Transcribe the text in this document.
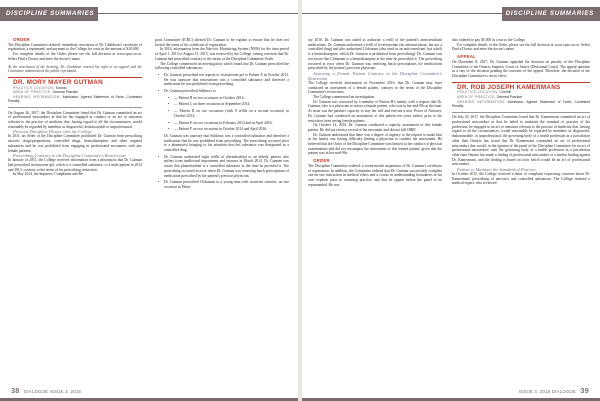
DISCIPLINE SUMMARIES

ORDER

The Discipline Committee ordered: immediate revocation of Dr. Ghabbour's certificate of registration, a reprimand; and payment to the College for costs in the amount of $10,000.

For complete details of the Order, please see the full decision at www.cpso.on.ca. Select Find a Doctor and enter the doctor's name.

At the conclusion of the hearing, Dr. Ghabbour waived his right to an appeal and the Committee administered the public reprimand.

DR. MORY MAYER GUTMAN

PRACTICE LOCATION: Toronto

AREA OF PRACTICE: General Practice

HEARING INFORMATION: Admission, Agreed Statement of Facts, Contested Penalty

On August 26, 2017, the Discipline Committee found that Dr. Gutman committed an act of professional misconduct in that he has engaged in conduct or an act or omission relevant to the practice of medicine that, having regard to all the circumstances, would reasonably be regarded by members as disgraceful, dishonourable or unprofessional.

Previous Discipline History with the College

In 2011, an Order of the Discipline Committee prohibited Dr. Gutman from prescribing narcotic drugs/preparations, controlled drugs, benzodiazepines and other targeted substances and he was prohibited from engaging in professional encounters with any female patients.

Prescribing Contrary to the Discipline Committee's Restrictions

In January of 2015, the College received information from a pharmacist that Dr. Gutman had prescribed testosterone gel, which is a controlled substance, to a male patient in 2012 and 2013, contrary to the terms of his prescribing restriction.

In May 2014, the Inquiries, Complaints and Re-

ports Committee (ICRC) advised Dr. Gutman to be vigilant to ensure that he does not breach the terms of his certificate of registration.

In 2016, information from the Narcotic Monitoring System (NMS) for the time period of April 1, 2015 to August 15, 2015, was received by the College, raising concerns that Dr. Gutman had prescribed contrary to the terms of the Discipline Committee Order.

The College commenced an investigation, which found that Dr. Gutman prescribed the following controlled substances:

• Dr. Gutman prescribed ten repeats of testosterone gel to Patient A in October 2012. He was unaware that testosterone was a controlled substance and therefore a medication he was prohibited from prescribing.
• Dr. Gutman prescribed Sublinox to
• — Patient B on two occasions in October 2014;
• — Patient C on three occasions in September 2014;
• — Patient D on two occasions (with 8 refills on a second occasion) in October 2014;
• — Patient E on two occasions in February 2014 and in April 2016;
• — Patient F on two occasions in October 2014 and April 2016.
Dr. Gutman was unaware that Sublinox was a controlled substance and therefore a medication that he was prohibited from prescribing. The prescribing occurred prior to a pharmacist bringing to his attention that this substance was designated as a controlled drug.
• Dr. Gutman authorized eight refills of phenobarbital to an elderly patient who suffers from intellectual impairment and seizures in March 2014. Dr. Gutman was aware that phenobarbital is a controlled substance at the time he provided it. The prescribing occurred in error when Dr. Gutman was renewing batch prescriptions of medication prescribed by the patient's previous physician.
• Dr. Gutman prescribed Clobazam to a young man with recurrent seizures, on one occasion in Febru-
38 DIALOGUE ISSUE 3, 2016
DISCIPLINE SUMMARIES

ary 2016. Dr. Gutman was asked to authorize a refill of the patient's anticonvulsant medications. Dr. Gutman authorized a refill of levetiracetam (an anticonvulsant, but not a controlled drug) and also authorized Clobazam (also used as an anticonvulsant, but which is a benzodiazepine, which Dr. Gutman is prohibited from prescribing). Dr. Gutman was not aware that Clobazam is a benzodiazepine at the time he prescribed it. The prescribing occurred in error when Dr. Gutman was renewing batch prescriptions for medications prescribed by the patient's previous physician.

Assessing a Female Patient Contrary to the Discipline Committee's Restriction

The College received information in November 2016, that Dr. Gutman may have conducted an assessment of a female patient, contrary to the terms of the Discipline Committee's restrictions.

The College commenced an investigation.

Dr. Gutman was contacted by a member of Patient H's family, with a request that Dr. Gutman, who is a physician to assess a female patient, who was in her mid-90s at the time. At issue was the patient's capacity to stay her will and execute a new Power of Attorney. Dr. Gutman had conducted an assessment of this patient ten years earlier, prior to his restriction from seeing female patients.

On October 14, 2016, Dr. Gutman conducted a capacity assessment of this female patient. He did not retain a record of the encounter and did not bill OHIP.

Dr. Gutman understood that there was a degree of urgency to the request to make him as the family was having difficulty finding a physician to conduct the assessment. He believed that the Order of the Discipline Committee was limited to the conduct of physical examinations and did not encompass the assessment of this female patient, given that the patient was in her mid-90s.

ORDER

The Discipline Committee ordered: a seven-month suspension of Dr. Gutman's certificate of registration. In addition, the Committee ordered that Dr. Gutman successfully complete one-on-one instruction in medical ethics and a course in understanding boundaries at his own expense prior to resuming practice; and that he appear before the panel to be reprimanded. He was

also ordered to pay $5,500 in costs to the College.

For complete details of the Order, please see the full decision at www.cpso.on.ca. Select Find a Doctor and enter the doctor's name.

APPEAL

On December 8, 2017, Dr. Gutman appealed the decision on penalty of the Discipline Committee to the Ontario Superior Court of Justice (Divisional Court). The appeal operates as a stay of the decision pending the outcome of the appeal. Therefore, the decision of the Discipline Committee is not in effect.

DR. ROB JOSEPH KAMERMANS

PRACTICE LOCATION: Cornhill

AREA OF PRACTICE: General Practice

HEARING INFORMATION: Admission, Agreed Statement of Facts, Contested Penalty

On July 25, 2017, the Discipline Committee found that Dr. Kamermans committed an act of professional misconduct in that he failed to maintain the standard of practice of the profession; he engaged in an act or omission relevant to the practice of medicine that, having regard to all the circumstances, would reasonably be regarded by members as disgraceful, dishonourable, or unprofessional; the governing body of a health profession in a jurisdiction other than Ontario has found that Dr. Kamermans committed an act of professional misconduct that would, in the opinion of the panel of the Discipline Committee, be an act of professional misconduct; and, the governing body of a health profession in a jurisdiction other than Ontario has made a finding of professional misconduct or a similar finding against Dr. Kamermans, and the finding is based on facts which would be an act of professional misconduct.

Failure to Maintain the Standard of Practice

In October 2015, the College received a letter of complaint expressing concerns about Dr. Kamermans' prescribing of narcotics and controlled substances. The College retained a medical expert, who reviewed

ISSUE 3, 2016 DIALOGUE 39
